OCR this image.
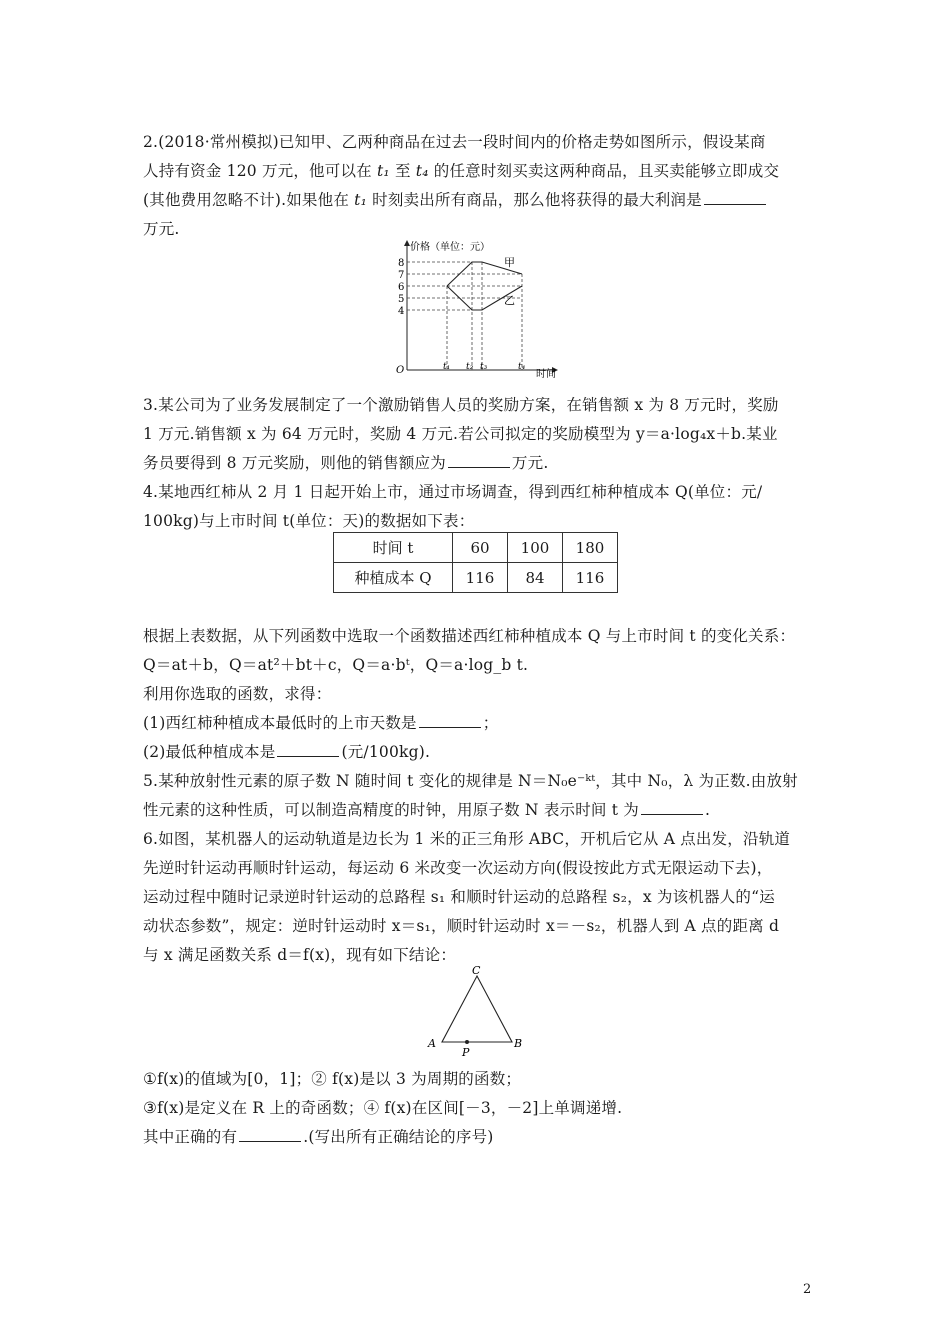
2.(2018·常州模拟)已知甲、乙两种商品在过去一段时间内的价格走势如图所示，假设某商
人持有资金 120 万元，他可以在 t₁ 至 t₄ 的任意时刻买卖这两种商品，且买卖能够立即成交
(其他费用忽略不计).如果他在 t₁ 时刻卖出所有商品，那么他将获得的最大利润是
万元.
价格（单位：元）
时间
O
8
7
6
5
4
甲
乙
t₁ t₂ t₃	t₄
3.某公司为了业务发展制定了一个激励销售人员的奖励方案，在销售额 x 为 8 万元时，奖励
1 万元.销售额 x 为 64 万元时，奖励 4 万元.若公司拟定的奖励模型为 y＝a·log₄x＋b.某业
务员要得到 8 万元奖励，则他的销售额应为	万元.
4.某地西红柿从 2 月 1 日起开始上市，通过市场调查，得到西红柿种植成本 Q(单位：元/
100kg)与上市时间 t(单位：天)的数据如下表：
时间 t	60	100	180
种植成本 Q	116	84	116
根据上表数据，从下列函数中选取一个函数描述西红柿种植成本 Q 与上市时间 t 的变化关系：
Q＝at＋b，Q＝at²＋bt＋c，Q＝a·bᵗ，Q＝a·log_b t.
利用你选取的函数，求得：
(1)西红柿种植成本最低时的上市天数是	；
(2)最低种植成本是	(元/100kg).
5.某种放射性元素的原子数 N 随时间 t 变化的规律是 N＝N₀e⁻ᵏᵗ，其中 N₀，λ 为正数.由放射
性元素的这种性质，可以制造高精度的时钟，用原子数 N 表示时间 t 为	.
6.如图，某机器人的运动轨道是边长为 1 米的正三角形 ABC，开机后它从 A 点出发，沿轨道
先逆时针运动再顺时针运动，每运动 6 米改变一次运动方向(假设按此方式无限运动下去)，
运动过程中随时记录逆时针运动的总路程 s₁ 和顺时针运动的总路程 s₂，x 为该机器人的“运
动状态参数”，规定：逆时针运动时 x＝s₁，顺时针运动时 x＝－s₂，机器人到 A 点的距离 d
与 x 满足函数关系 d＝f(x)，现有如下结论：
C
A	B
P
①f(x)的值域为[0，1]；② f(x)是以 3 为周期的函数；
③f(x)是定义在 R 上的奇函数；④ f(x)在区间[－3，－2]上单调递增.
其中正确的有	.(写出所有正确结论的序号)
2
